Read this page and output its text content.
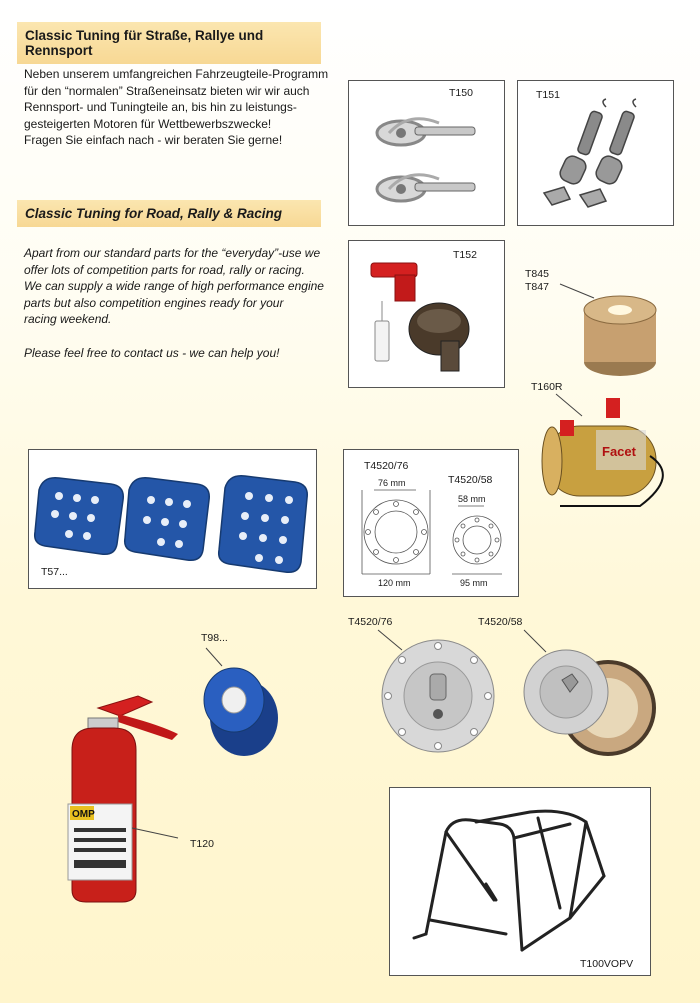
Classic Tuning für Straße, Rallye und Rennsport
Neben unserem umfangreichen Fahrzeugteile-Programm
für den “normalen” Straßeneinsatz bieten wir wir auch
Rennsport- und Tuningteile an, bis hin zu leistungs-
gesteigerten Motoren für Wettbewerbszwecke!
Fragen Sie einfach nach - wir beraten Sie gerne!
Classic Tuning for Road, Rally & Racing
Apart from our standard parts for the “everyday”-use we
offer lots of competition parts for road, rally or racing.
We can supply a wide range of high performance engine
parts but also competition engines ready for your
racing weekend.

Please feel free to contact us - we can help you!
T150	T151
T152
T845
T847
T160R
Facet
T57...
T4520/76
T4520/58
76 mm
58 mm
120 mm	95 mm
T98...
T4520/76	T4520/58
OMP
T120
T100VOPV
